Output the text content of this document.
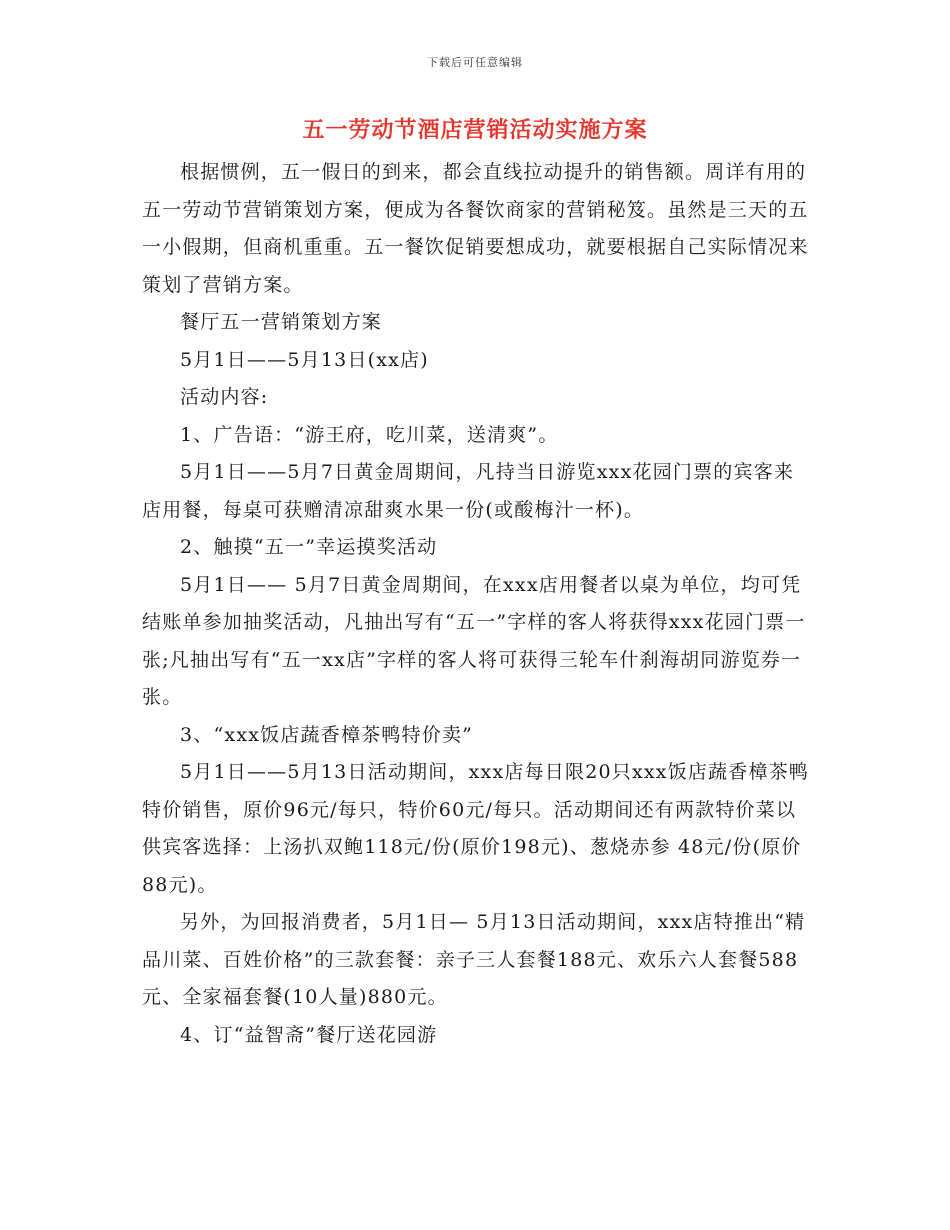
下载后可任意编辑
五一劳动节酒店营销活动实施方案

根据惯例，五一假日的到来，都会直线拉动提升的销售额。周详有用的五一劳动节营销策划方案，便成为各餐饮商家的营销秘笈。虽然是三天的五一小假期，但商机重重。五一餐饮促销要想成功，就要根据自己实际情况来策划了营销方案。

餐厅五一营销策划方案

5月1日——5月13日(xx店)

活动内容:

1、广告语：“游王府，吃川菜，送清爽”。

5月1日——5月7日黄金周期间，凡持当日游览xxx花园门票的宾客来店用餐，每桌可获赠清凉甜爽水果一份(或酸梅汁一杯)。

2、触摸“五一”幸运摸奖活动

5月1日—— 5月7日黄金周期间，在xxx店用餐者以桌为单位，均可凭结账单参加抽奖活动，凡抽出写有“五一”字样的客人将获得xxx花园门票一张;凡抽出写有“五一xx店”字样的客人将可获得三轮车什刹海胡同游览券一张。

3、“xxx饭店蔬香樟茶鸭特价卖”

5月1日——5月13日活动期间，xxx店每日限20只xxx饭店蔬香樟茶鸭特价销售，原价96元/每只，特价60元/每只。活动期间还有两款特价菜以供宾客选择：上汤扒双鲍118元/份(原价198元)、葱烧赤参 48元/份(原价88元)。

另外，为回报消费者，5月1日— 5月13日活动期间，xxx店特推出“精品川菜、百姓价格”的三款套餐：亲子三人套餐188元、欢乐六人套餐588元、全家福套餐(10人量)880元。

4、订“益智斋”餐厅送花园游
